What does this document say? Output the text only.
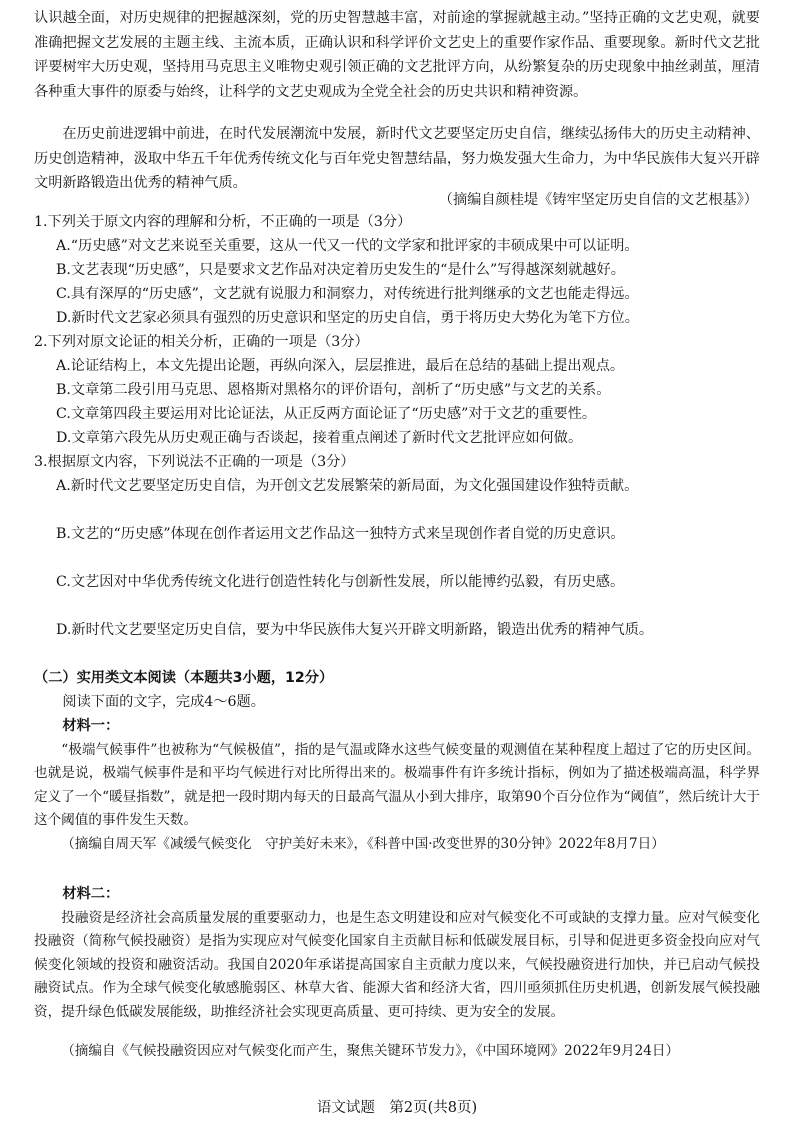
认识越全面，对历史规律的把握越深刻，党的历史智慧越丰富，对前途的掌握就越主动。”坚持正确的文艺史观，就要准确把握文艺发展的主题主线、主流本质，正确认识和科学评价文艺史上的重要作家作品、重要现象。新时代文艺批评要树牢大历史观，坚持用马克思主义唯物史观引领正确的文艺批评方向，从纷繁复杂的历史现象中抽丝剥茧，厘清各种重大事件的原委与始终，让科学的文艺史观成为全党全社会的历史共识和精神资源。

在历史前进逻辑中前进，在时代发展潮流中发展，新时代文艺要坚定历史自信，继续弘扬伟大的历史主动精神、历史创造精神，汲取中华五千年优秀传统文化与百年党史智慧结晶，努力焕发强大生命力，为中华民族伟大复兴开辟文明新路锻造出优秀的精神气质。

（摘编自颜桂堤《铸牢坚定历史自信的文艺根基》）

1.下列关于原文内容的理解和分析，不正确的一项是（3分）

A.“历史感”对文艺来说至关重要，这从一代又一代的文学家和批评家的丰硕成果中可以证明。

B.文艺表现“历史感”，只是要求文艺作品对决定着历史发生的“是什么”写得越深刻就越好。

C.具有深厚的“历史感”，文艺就有说服力和洞察力，对传统进行批判继承的文艺也能走得远。

D.新时代文艺家必须具有强烈的历史意识和坚定的历史自信，勇于将历史大势化为笔下方位。

2.下列对原文论证的相关分析，正确的一项是（3分）

A.论证结构上，本文先提出论题，再纵向深入，层层推进，最后在总结的基础上提出观点。

B.文章第二段引用马克思、恩格斯对黑格尔的评价语句，剖析了“历史感”与文艺的关系。

C.文章第四段主要运用对比论证法，从正反两方面论证了“历史感”对于文艺的重要性。

D.文章第六段先从历史观正确与否谈起，接着重点阐述了新时代文艺批评应如何做。

3.根据原文内容，下列说法不正确的一项是（3分）

A.新时代文艺要坚定历史自信，为开创文艺发展繁荣的新局面，为文化强国建设作独特贡献。

B.文艺的“历史感”体现在创作者运用文艺作品这一独特方式来呈现创作者自觉的历史意识。

C.文艺因对中华优秀传统文化进行创造性转化与创新性发展，所以能博约弘毅，有历史感。

D.新时代文艺要坚定历史自信，要为中华民族伟大复兴开辟文明新路，锻造出优秀的精神气质。

（二）实用类文本阅读（本题共3小题，12分）

阅读下面的文字，完成4～6题。

材料一：

“极端气候事件”也被称为“气候极值”，指的是气温或降水这些气候变量的观测值在某种程度上超过了它的历史区间。也就是说，极端气候事件是和平均气候进行对比所得出来的。极端事件有许多统计指标，例如为了描述极端高温，科学界定义了一个“暖昼指数”，就是把一段时期内每天的日最高气温从小到大排序，取第90个百分位作为“阈值”，然后统计大于这个阈值的事件发生天数。

（摘编自周天军《减缓气候变化　守护美好未来》，《科普中国·改变世界的30分钟》2022年8月7日）

材料二：

投融资是经济社会高质量发展的重要驱动力，也是生态文明建设和应对气候变化不可或缺的支撑力量。应对气候变化投融资（简称气候投融资）是指为实现应对气候变化国家自主贡献目标和低碳发展目标，引导和促进更多资金投向应对气候变化领域的投资和融资活动。我国自2020年承诺提高国家自主贡献力度以来，气候投融资进行加快，并已启动气候投融资试点。作为全球气候变化敏感脆弱区、林草大省、能源大省和经济大省，四川亟须抓住历史机遇，创新发展气候投融资，提升绿色低碳发展能级，助推经济社会实现更高质量、更可持续、更为安全的发展。

（摘编自《气候投融资因应对气候变化而产生，聚焦关键环节发力》，《中国环境网》2022年9月24日）

语文试题　第2页(共8页)
